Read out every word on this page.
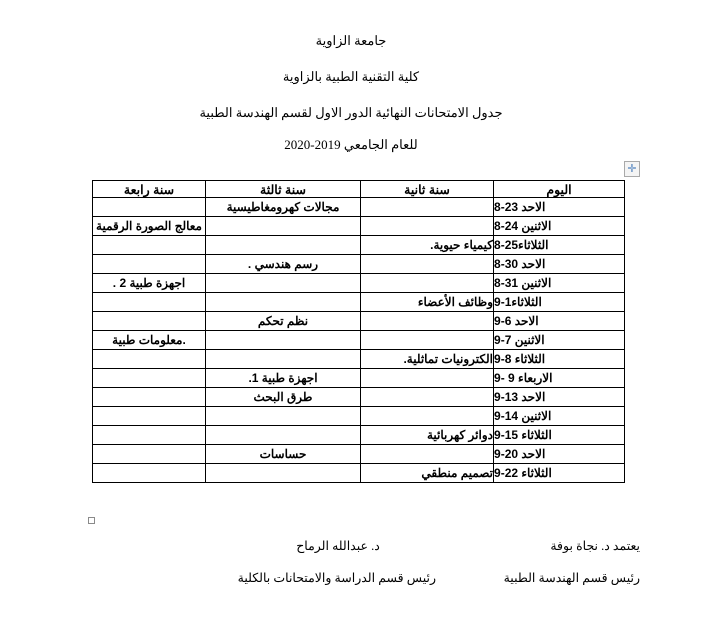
جامعة الزاوية
كلية التقنية الطبية بالزاوية
جدول الامتحانات النهائية الدور الاول لقسم الهندسة الطبية
للعام الجامعي 2019-2020
✛
سنة رابعة	سنة ثالثة	سنة ثانية	اليوم
	مجالات كهرومغاطيسية		الاحد 23-8
معالج الصورة الرقمية			الاثنين 24-8
		كيمياء حيوية.	الثلاثاء25-8
	رسم هندسي .		الاحد 30-8
اجهزة طبية 2 .			الاثنين 31-8
		وظائف الأعضاء	الثلاثاء1-9
	نظم تحكم		الاحد 6-9
.معلومات طبية			الاثنين 7-9
		الكترونيات تماثلية.	الثلاثاء 8-9
	اجهزة طبية 1.		الاربعاء 9 -9
	طرق البحث		الاحد 13-9
			الاثنين 14-9
		دوائر كهربائية	الثلاثاء 15-9
	حساسات		الاحد 20-9
		تصميم منطقي	الثلاثاء 22-9
يعتمد د. نجاة بوفة
رئيس قسم الهندسة الطبية
د. عبدالله الرماح
رئيس قسم الدراسة والامتحانات بالكلية
